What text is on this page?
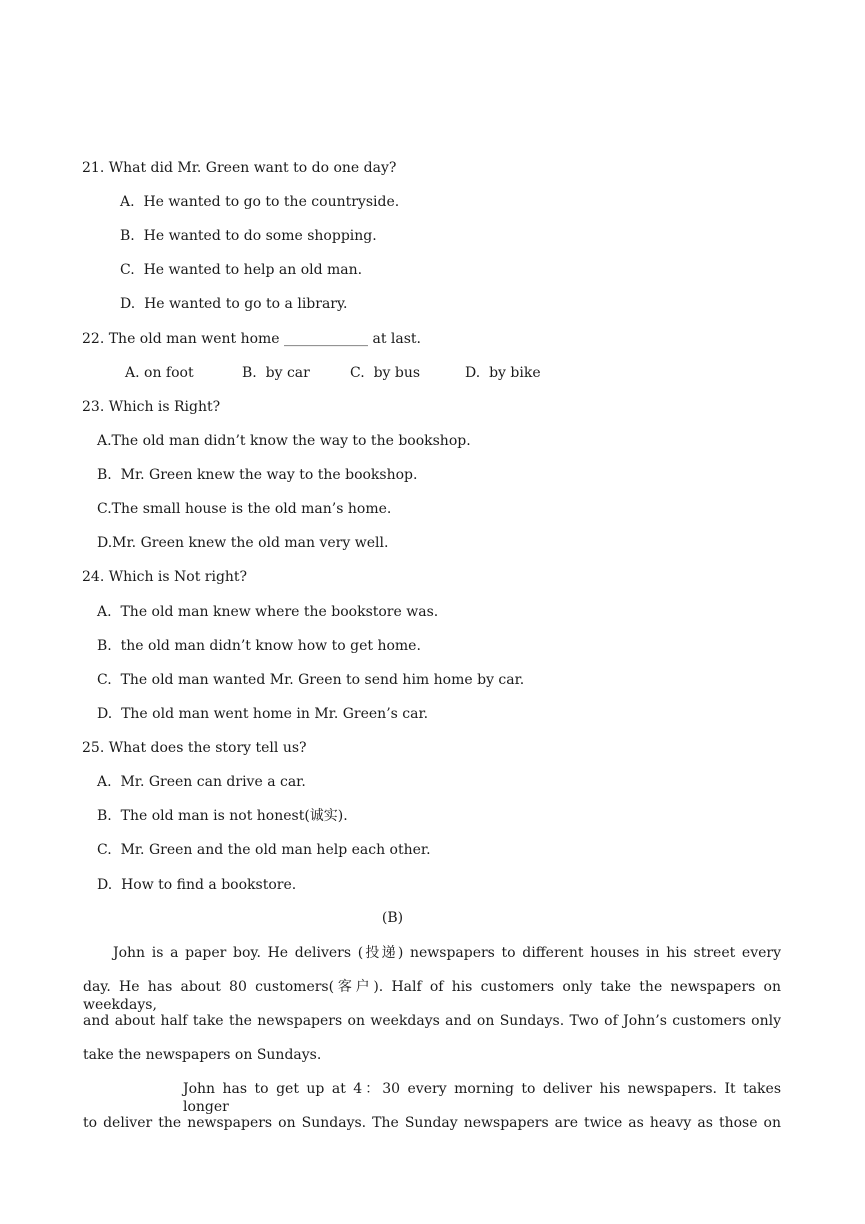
21. What did Mr. Green want to do one day?
A.  He wanted to go to the countryside.
B.  He wanted to do some shopping.
C.  He wanted to help an old man.
D.  He wanted to go to a library.
22. The old man went home ____________ at last.
A. on foot	B.  by car	C.  by bus	D.  by bike
23. Which is Right?
A.The old man didn’t know the way to the bookshop.
B.  Mr. Green knew the way to the bookshop.
C.The small house is the old man’s home.
D.Mr. Green knew the old man very well.
24. Which is Not right?
A.  The old man knew where the bookstore was.
B.  the old man didn’t know how to get home.
C.  The old man wanted Mr. Green to send him home by car.
D.  The old man went home in Mr. Green’s car.
25. What does the story tell us?
A.  Mr. Green can drive a car.
B.  The old man is not honest(诚实).
C.  Mr. Green and the old man help each other.
D.  How to find a bookstore.
(B)
John is a paper boy. He delivers (投递) newspapers to different houses in his street every
day. He has about 80 customers(客户). Half of his customers only take the newspapers on weekdays,
and about half take the newspapers on weekdays and on Sundays. Two of John’s customers only
take the newspapers on Sundays.
John has to get up at 4：30 every morning to deliver his newspapers. It takes longer
to deliver the newspapers on Sundays. The Sunday newspapers are twice as heavy as those on
